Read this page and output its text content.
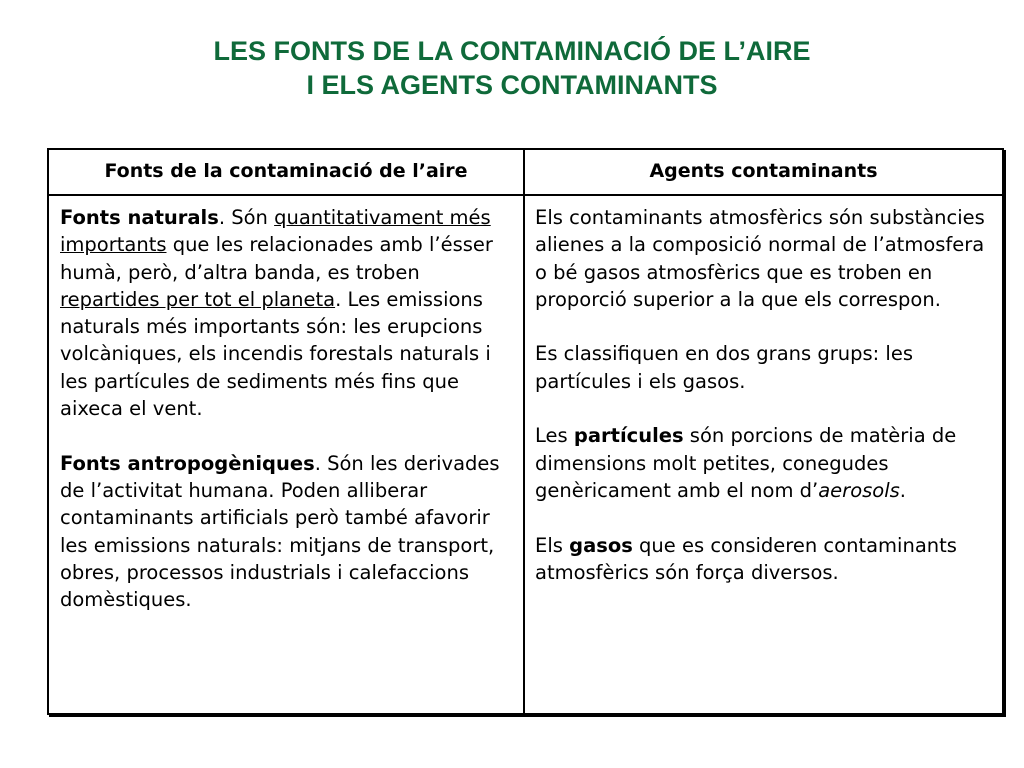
LES FONTS DE LA CONTAMINACIÓ DE L’AIRE
I ELS AGENTS CONTAMINANTS
Fonts de la contaminació de l’aire	Agents contaminants

Fonts naturals. Són quantitativament més importants que les relacionades amb l’ésser humà, però, d’altra banda, es troben repartides per tot el planeta. Les emissions naturals més importants són: les erupcions volcàniques, els incendis forestals naturals i les partícules de sediments més fins que aixeca el vent.

Fonts antropogèniques. Són les derivades de l’activitat humana. Poden alliberar contaminants artificials però també afavorir les emissions naturals: mitjans de transport, obres, processos industrials i calefaccions domèstiques.

Els contaminants atmosfèrics són substàncies alienes a la composició normal de l’atmosfera o bé gasos atmosfèrics que es troben en proporció superior a la que els correspon.

Es classifiquen en dos grans grups: les partícules i els gasos.

Les partícules són porcions de matèria de dimensions molt petites, conegudes genèricament amb el nom d’aerosols.

Els gasos que es consideren contaminants atmosfèrics són força diversos.
